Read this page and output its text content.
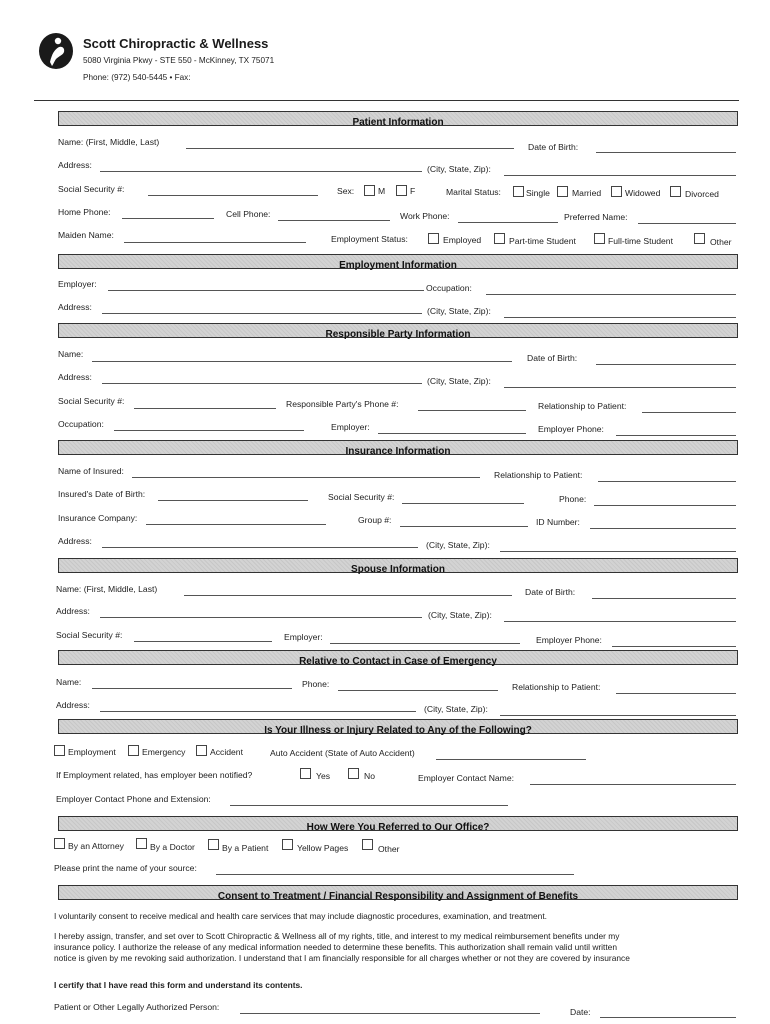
Scott Chiropractic & Wellness
5080 Virginia Pkwy - STE 550 - McKinney, TX 75071
Phone: (972) 540-5445 • Fax:
Patient Information
Name: (First, Middle, Last)	Date of Birth:
Address:	(City, State, Zip):
Social Security #:	Sex:	M	F	Marital Status:	Single	Married	Widowed	Divorced
Home Phone:	Cell Phone:	Work Phone:	Preferred Name:
Maiden Name:	Employment Status:	Employed	Part-time Student	Full-time Student	Other
Employment Information
Employer:	Occupation:
Address:	(City, State, Zip):
Responsible Party Information
Name:	Date of Birth:
Address:	(City, State, Zip):
Social Security #:	Responsible Party's Phone #:	Relationship to Patient:
Occupation:	Employer:	Employer Phone:
Insurance Information
Name of Insured:	Relationship to Patient:
Insured's Date of Birth:	Social Security #:	Phone:
Insurance Company:	Group #:	ID Number:
Address:	(City, State, Zip):
Spouse Information
Name: (First, Middle, Last)	Date of Birth:
Address:	(City, State, Zip):
Social Security #:	Employer:	Employer Phone:
Relative to Contact in Case of Emergency
Name:	Phone:	Relationship to Patient:
Address:	(City, State, Zip):
Is Your Illness or Injury Related to Any of the Following?
Employment	Emergency	Accident	Auto Accident (State of Auto Accident)
If Employment related, has employer been notified?	Yes	No	Employer Contact Name:
Employer Contact Phone and Extension:
How Were You Referred to Our Office?
By an Attorney	By a Doctor	By a Patient	Yellow Pages	Other
Please print the name of your source:
Consent to Treatment / Financial Responsibility and Assignment of Benefits
I voluntarily consent to receive medical and health care services that may include diagnostic procedures, examination, and treatment.
I hereby assign, transfer, and set over to Scott Chiropractic & Wellness all of my rights, title, and interest to my medical reimbursement benefits under my
insurance policy. I authorize the release of any medical information needed to determine these benefits. This authorization shall remain valid until written
notice is given by me revoking said authorization. I understand that I am financially responsible for all charges whether or not they are covered by insurance
I certify that I have read this form and understand its contents.
Patient or Other Legally Authorized Person:	Date:
